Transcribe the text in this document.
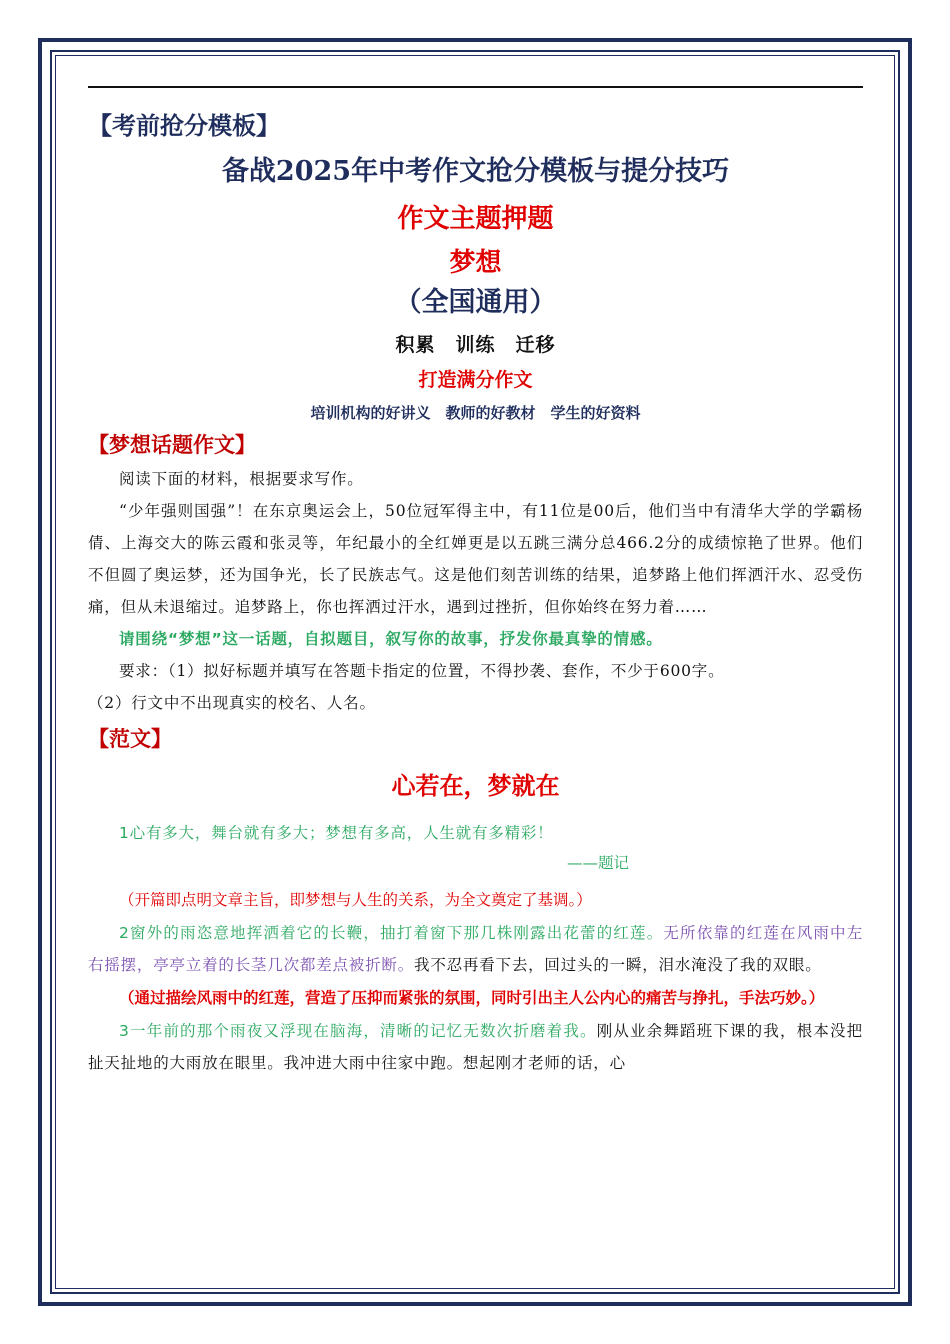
【考前抢分模板】
备战2025年中考作文抢分模板与提分技巧
作文主题押题
梦想
（全国通用）
积累　训练　迁移
打造满分作文
培训机构的好讲义　教师的好教材　学生的好资料
【梦想话题作文】
阅读下面的材料，根据要求写作。
“少年强则国强”！在东京奥运会上，50位冠军得主中，有11位是00后，他们当中有清华大学的学霸杨倩、上海交大的陈云霞和张灵等，年纪最小的全红婵更是以五跳三满分总466.2分的成绩惊艳了世界。他们不但圆了奥运梦，还为国争光，长了民族志气。这是他们刻苦训练的结果，追梦路上他们挥洒汗水、忍受伤痛，但从未退缩过。追梦路上，你也挥洒过汗水，遇到过挫折，但你始终在努力着……
请围绕“梦想”这一话题，自拟题目，叙写你的故事，抒发你最真挚的情感。
要求：（1）拟好标题并填写在答题卡指定的位置，不得抄袭、套作，不少于600字。
（2）行文中不出现真实的校名、人名。
【范文】
心若在，梦就在
1心有多大，舞台就有多大；梦想有多高，人生就有多精彩！
——题记
（开篇即点明文章主旨，即梦想与人生的关系，为全文奠定了基调。）
2窗外的雨恣意地挥洒着它的长鞭，抽打着窗下那几株刚露出花蕾的红莲。无所依靠的红莲在风雨中左右摇摆，亭亭立着的长茎几次都差点被折断。我不忍再看下去，回过头的一瞬，泪水淹没了我的双眼。
（通过描绘风雨中的红莲，营造了压抑而紧张的氛围，同时引出主人公内心的痛苦与挣扎，手法巧妙。）
3一年前的那个雨夜又浮现在脑海，清晰的记忆无数次折磨着我。刚从业余舞蹈班下课的我，根本没把扯天扯地的大雨放在眼里。我冲进大雨中往家中跑。想起刚才老师的话，心
